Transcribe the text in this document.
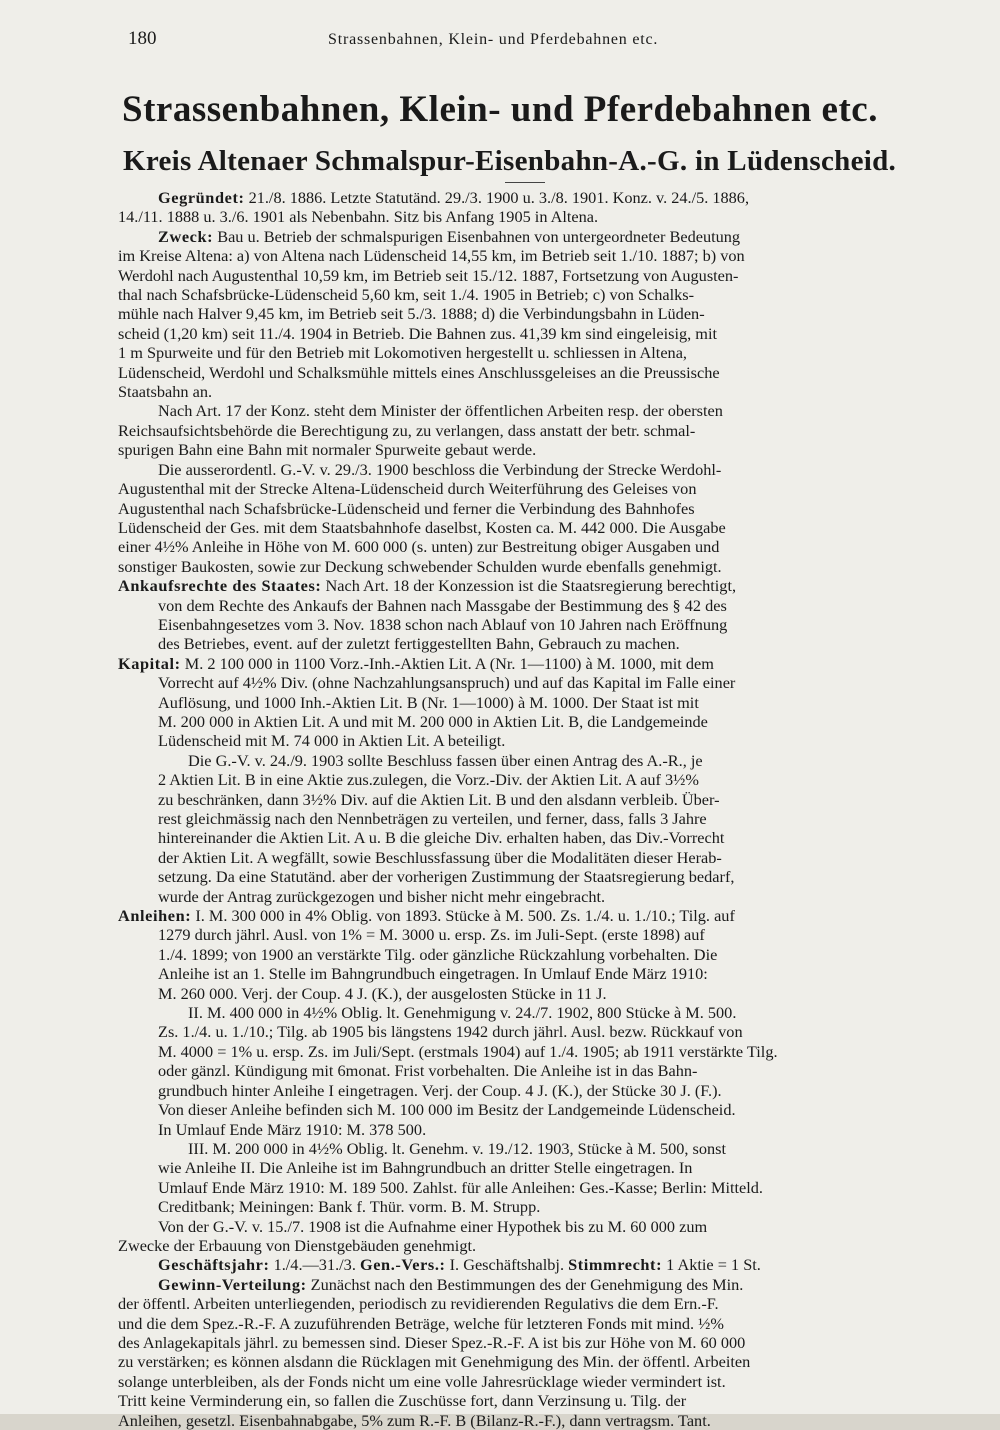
180	Strassenbahnen, Klein- und Pferdebahnen etc.
Strassenbahnen, Klein- und Pferdebahnen etc.
Kreis Altenaer Schmalspur-Eisenbahn-A.-G. in Lüdenscheid.

Gegründet: 21./8. 1886. Letzte Statutänd. 29./3. 1900 u. 3./8. 1901. Konz. v. 24./5. 1886,

14./11. 1888 u. 3./6. 1901 als Nebenbahn. Sitz bis Anfang 1905 in Altena.

Zweck: Bau u. Betrieb der schmalspurigen Eisenbahnen von untergeordneter Bedeutung

im Kreise Altena: a) von Altena nach Lüdenscheid 14,55 km, im Betrieb seit 1./10. 1887; b) von

Werdohl nach Augustenthal 10,59 km, im Betrieb seit 15./12. 1887, Fortsetzung von Augusten-

thal nach Schafsbrücke-Lüdenscheid 5,60 km, seit 1./4. 1905 in Betrieb; c) von Schalks-

mühle nach Halver 9,45 km, im Betrieb seit 5./3. 1888; d) die Verbindungsbahn in Lüden-

scheid (1,20 km) seit 11./4. 1904 in Betrieb. Die Bahnen zus. 41,39 km sind eingeleisig, mit

1 m Spurweite und für den Betrieb mit Lokomotiven hergestellt u. schliessen in Altena,

Lüdenscheid, Werdohl und Schalksmühle mittels eines Anschlussgeleises an die Preussische

Staatsbahn an.

Nach Art. 17 der Konz. steht dem Minister der öffentlichen Arbeiten resp. der obersten

Reichsaufsichtsbehörde die Berechtigung zu, zu verlangen, dass anstatt der betr. schmal-

spurigen Bahn eine Bahn mit normaler Spurweite gebaut werde.

Die ausserordentl. G.-V. v. 29./3. 1900 beschloss die Verbindung der Strecke Werdohl-

Augustenthal mit der Strecke Altena-Lüdenscheid durch Weiterführung des Geleises von

Augustenthal nach Schafsbrücke-Lüdenscheid und ferner die Verbindung des Bahnhofes

Lüdenscheid der Ges. mit dem Staatsbahnhofe daselbst, Kosten ca. M. 442 000. Die Ausgabe

einer 4½% Anleihe in Höhe von M. 600 000 (s. unten) zur Bestreitung obiger Ausgaben und

sonstiger Baukosten, sowie zur Deckung schwebender Schulden wurde ebenfalls genehmigt.

Ankaufsrechte des Staates: Nach Art. 18 der Konzession ist die Staatsregierung berechtigt,

von dem Rechte des Ankaufs der Bahnen nach Massgabe der Bestimmung des § 42 des

Eisenbahngesetzes vom 3. Nov. 1838 schon nach Ablauf von 10 Jahren nach Eröffnung

des Betriebes, event. auf der zuletzt fertiggestellten Bahn, Gebrauch zu machen.

Kapital: M. 2 100 000 in 1100 Vorz.-Inh.-Aktien Lit. A (Nr. 1—1100) à M. 1000, mit dem

Vorrecht auf 4½% Div. (ohne Nachzahlungsanspruch) und auf das Kapital im Falle einer

Auflösung, und 1000 Inh.-Aktien Lit. B (Nr. 1—1000) à M. 1000. Der Staat ist mit

M. 200 000 in Aktien Lit. A und mit M. 200 000 in Aktien Lit. B, die Landgemeinde

Lüdenscheid mit M. 74 000 in Aktien Lit. A beteiligt.

Die G.-V. v. 24./9. 1903 sollte Beschluss fassen über einen Antrag des A.-R., je

2 Aktien Lit. B in eine Aktie zus.zulegen, die Vorz.-Div. der Aktien Lit. A auf 3½%

zu beschränken, dann 3½% Div. auf die Aktien Lit. B und den alsdann verbleib. Über-

rest gleichmässig nach den Nennbeträgen zu verteilen, und ferner, dass, falls 3 Jahre

hintereinander die Aktien Lit. A u. B die gleiche Div. erhalten haben, das Div.-Vorrecht

der Aktien Lit. A wegfällt, sowie Beschlussfassung über die Modalitäten dieser Herab-

setzung. Da eine Statutänd. aber der vorherigen Zustimmung der Staatsregierung bedarf,

wurde der Antrag zurückgezogen und bisher nicht mehr eingebracht.

Anleihen: I. M. 300 000 in 4% Oblig. von 1893. Stücke à M. 500. Zs. 1./4. u. 1./10.; Tilg. auf

1279 durch jährl. Ausl. von 1% = M. 3000 u. ersp. Zs. im Juli-Sept. (erste 1898) auf

1./4. 1899; von 1900 an verstärkte Tilg. oder gänzliche Rückzahlung vorbehalten. Die

Anleihe ist an 1. Stelle im Bahngrundbuch eingetragen. In Umlauf Ende März 1910:

M. 260 000. Verj. der Coup. 4 J. (K.), der ausgelosten Stücke in 11 J.

II. M. 400 000 in 4½% Oblig. lt. Genehmigung v. 24./7. 1902, 800 Stücke à M. 500.

Zs. 1./4. u. 1./10.; Tilg. ab 1905 bis längstens 1942 durch jährl. Ausl. bezw. Rückkauf von

M. 4000 = 1% u. ersp. Zs. im Juli/Sept. (erstmals 1904) auf 1./4. 1905; ab 1911 verstärkte Tilg.

oder gänzl. Kündigung mit 6monat. Frist vorbehalten. Die Anleihe ist in das Bahn-

grundbuch hinter Anleihe I eingetragen. Verj. der Coup. 4 J. (K.), der Stücke 30 J. (F.).

Von dieser Anleihe befinden sich M. 100 000 im Besitz der Landgemeinde Lüdenscheid.

In Umlauf Ende März 1910: M. 378 500.

III. M. 200 000 in 4½% Oblig. lt. Genehm. v. 19./12. 1903, Stücke à M. 500, sonst

wie Anleihe II. Die Anleihe ist im Bahngrundbuch an dritter Stelle eingetragen. In

Umlauf Ende März 1910: M. 189 500. Zahlst. für alle Anleihen: Ges.-Kasse; Berlin: Mitteld.

Creditbank; Meiningen: Bank f. Thür. vorm. B. M. Strupp.

Von der G.-V. v. 15./7. 1908 ist die Aufnahme einer Hypothek bis zu M. 60 000 zum

Zwecke der Erbauung von Dienstgebäuden genehmigt.

Geschäftsjahr: 1./4.—31./3. Gen.-Vers.: I. Geschäftshalbj. Stimmrecht: 1 Aktie = 1 St.

Gewinn-Verteilung: Zunächst nach den Bestimmungen des der Genehmigung des Min.

der öffentl. Arbeiten unterliegenden, periodisch zu revidierenden Regulativs die dem Ern.-F.

und die dem Spez.-R.-F. A zuzuführenden Beträge, welche für letzteren Fonds mit mind. ½%

des Anlagekapitals jährl. zu bemessen sind. Dieser Spez.-R.-F. A ist bis zur Höhe von M. 60 000

zu verstärken; es können alsdann die Rücklagen mit Genehmigung des Min. der öffentl. Arbeiten

solange unterbleiben, als der Fonds nicht um eine volle Jahresrücklage wieder vermindert ist.

Tritt keine Verminderung ein, so fallen die Zuschüsse fort, dann Verzinsung u. Tilg. der

Anleihen, gesetzl. Eisenbahnabgabe, 5% zum R.-F. B (Bilanz-R.-F.), dann vertragsm. Tant.
